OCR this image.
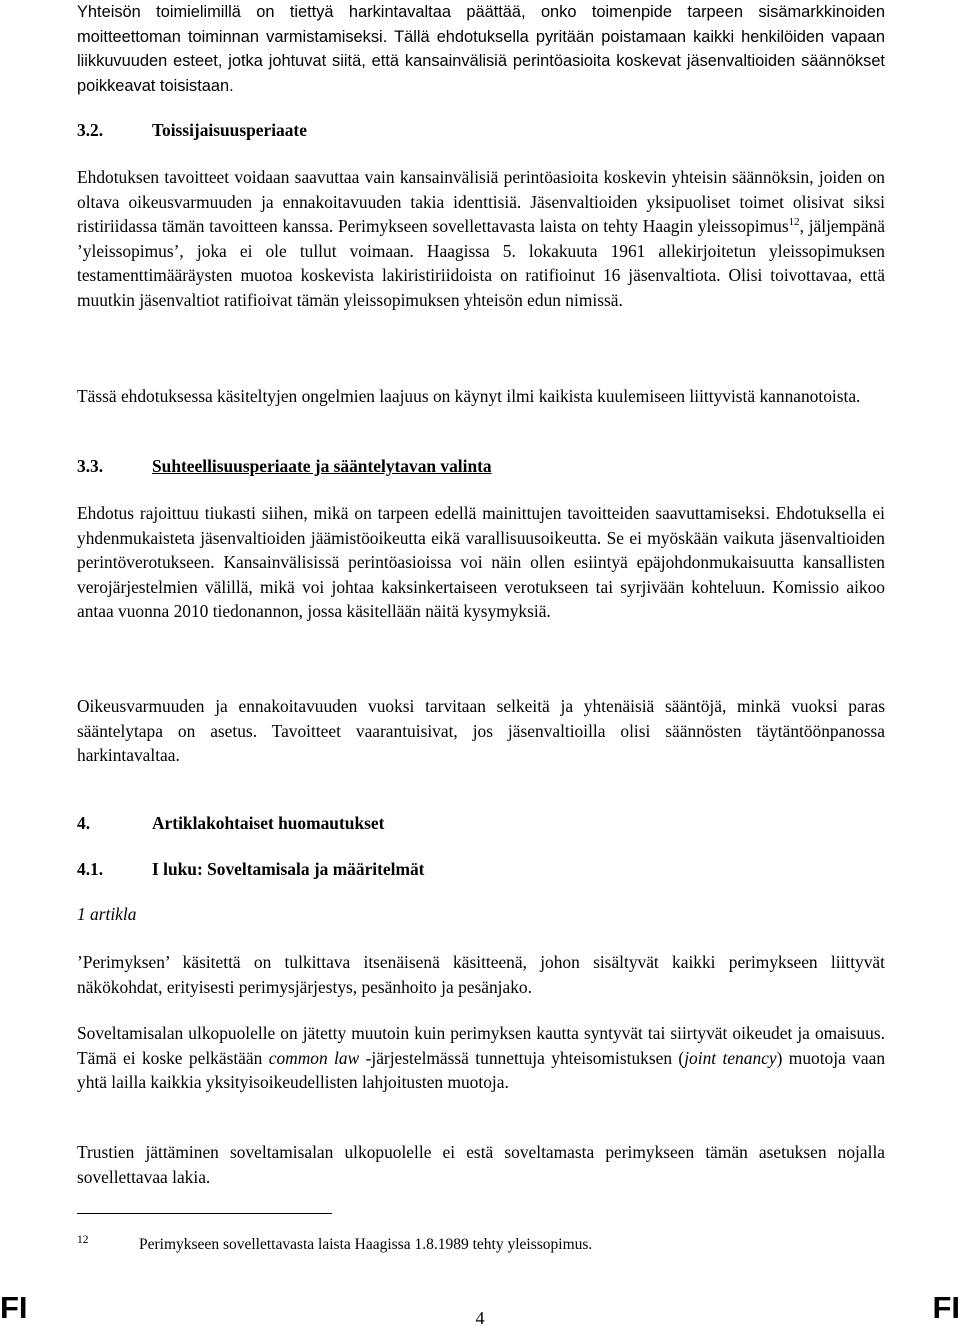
Yhteisön toimielimillä on tiettyä harkintavaltaa päättää, onko toimenpide tarpeen sisämarkkinoiden moitteettoman toiminnan varmistamiseksi. Tällä ehdotuksella pyritään poistamaan kaikki henkilöiden vapaan liikkuvuuden esteet, jotka johtuvat siitä, että kansainvälisiä perintöasioita koskevat jäsenvaltioiden säännökset poikkeavat toisistaan.

3.2.	Toissijaisuusperiaate

Ehdotuksen tavoitteet voidaan saavuttaa vain kansainvälisiä perintöasioita koskevin yhteisin säännöksin, joiden on oltava oikeusvarmuuden ja ennakoitavuuden takia identtisiä. Jäsenvaltioiden yksipuoliset toimet olisivat siksi ristiriidassa tämän tavoitteen kanssa. Perimykseen sovellettavasta laista on tehty Haagin yleissopimus$^{12}$, jäljempänä ’yleissopimus’, joka ei ole tullut voimaan. Haagissa 5. lokakuuta 1961 allekirjoitetun yleissopimuksen testamenttimääräysten muotoa koskevista lakiristiriidoista on ratifioinut 16 jäsenvaltiota. Olisi toivottavaa, että muutkin jäsenvaltiot ratifioivat tämän yleissopimuksen yhteisön edun nimissä.

Tässä ehdotuksessa käsiteltyjen ongelmien laajuus on käynyt ilmi kaikista kuulemiseen liittyvistä kannanotoista.

3.3.	Suhteellisuusperiaate ja sääntelytavan valinta

Ehdotus rajoittuu tiukasti siihen, mikä on tarpeen edellä mainittujen tavoitteiden saavuttamiseksi. Ehdotuksella ei yhdenmukaisteta jäsenvaltioiden jäämistöoikeutta eikä varallisuusoikeutta. Se ei myöskään vaikuta jäsenvaltioiden perintöverotukseen. Kansainvälisissä perintöasioissa voi näin ollen esiintyä epäjohdonmukaisuutta kansallisten verojärjestelmien välillä, mikä voi johtaa kaksinkertaiseen verotukseen tai syrjivään kohteluun. Komissio aikoo antaa vuonna 2010 tiedonannon, jossa käsitellään näitä kysymyksiä.

Oikeusvarmuuden ja ennakoitavuuden vuoksi tarvitaan selkeitä ja yhtenäisiä sääntöjä, minkä vuoksi paras sääntelytapa on asetus. Tavoitteet vaarantuisivat, jos jäsenvaltioilla olisi säännösten täytäntöönpanossa harkintavaltaa.

4.	Artiklakohtaiset huomautukset
4.1.	I luku: Soveltamisala ja määritelmät
1 artikla

’Perimyksen’ käsitettä on tulkittava itsenäisenä käsitteenä, johon sisältyvät kaikki perimykseen liittyvät näkökohdat, erityisesti perimysjärjestys, pesänhoito ja pesänjako.

Soveltamisalan ulkopuolelle on jätetty muutoin kuin perimyksen kautta syntyvät tai siirtyvät oikeudet ja omaisuus. Tämä ei koske pelkästään common law -järjestelmässä tunnettuja yhteisomistuksen (joint tenancy) muotoja vaan yhtä lailla kaikkia yksityisoikeudellisten lahjoitusten muotoja.

Trustien jättäminen soveltamisalan ulkopuolelle ei estä soveltamasta perimykseen tämän asetuksen nojalla sovellettavaa lakia.

12	Perimykseen sovellettavasta laista Haagissa 1.8.1989 tehty yleissopimus.
FI	4	FI
